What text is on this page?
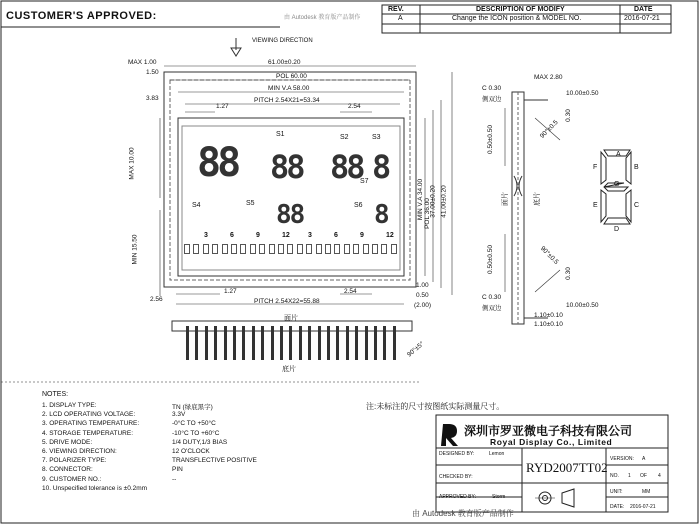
CUSTOMER'S APPROVED:	由 Autodesk 教育版产品制作
REV.	DESCRIPTION OF MODIFY	DATE
A	Change the ICON position & MODEL NO.	2016-07-21
VIEWING DIRECTION
61.00±0.20
POL 60.00
MIN V.A 58.00
PITCH 2.54X21=53.34
MAX 1.00
1.50
3.83
1.27	2.54
MAX 10.00
MIN 15.50
MIN V.A 34.00 POL 36.00
37.00±0.20 41.00±0.20
S1	S2	S3
S4	S5	S6
S7
88 88 88 8
88	8
3	6	9	12	3	6	9	12
2.56
1.27	2.54
PITCH 2.54X22=55.88
1.00
0.50
(2.00)
面片
底片
90°±5°
MAX 2.80
10.00±0.50
C 0.30
侧双边
90°±0.5
90°±0.5
0.50±0.50
0.50±0.50
面片	底片
C 0.30
侧双边	10.00±0.50
1.10±0.10
1.10±0.10
0.30
0.30
A
B
C
D
E
F
G
NOTES:
1. DISPLAY TYPE:	TN (绿底黑字)
2. LCD OPERATING VOLTAGE:	3.3V
3. OPERATING TEMPERATURE:	-0°C TO +50°C
4. STORAGE TEMPERATURE:	-10°C TO +60°C
5. DRIVE MODE:	1/4 DUTY,1/3 BIAS
6. VIEWING DIRECTION:	12 O'CLOCK
7. POLARIZER TYPE:	TRANSFLECTIVE POSITIVE
8. CONNECTOR:	PIN
9. CUSTOMER NO.:	--
10. Unspecified tolerance is ±0.2mm
注:未标注的尺寸按图纸实际测量尺寸。
深圳市罗亚微电子科技有限公司
Royal Display Co., Limited
DESIGNED BY:	Lemon
CHECKED BY:
APPROVED BY:	Storm
RYD2007TT02
VERSION: A
NO. 1 OF 4
UNIT:	MM
DATE: 2016-07-21
由 Autodesk 教育版产品制作
